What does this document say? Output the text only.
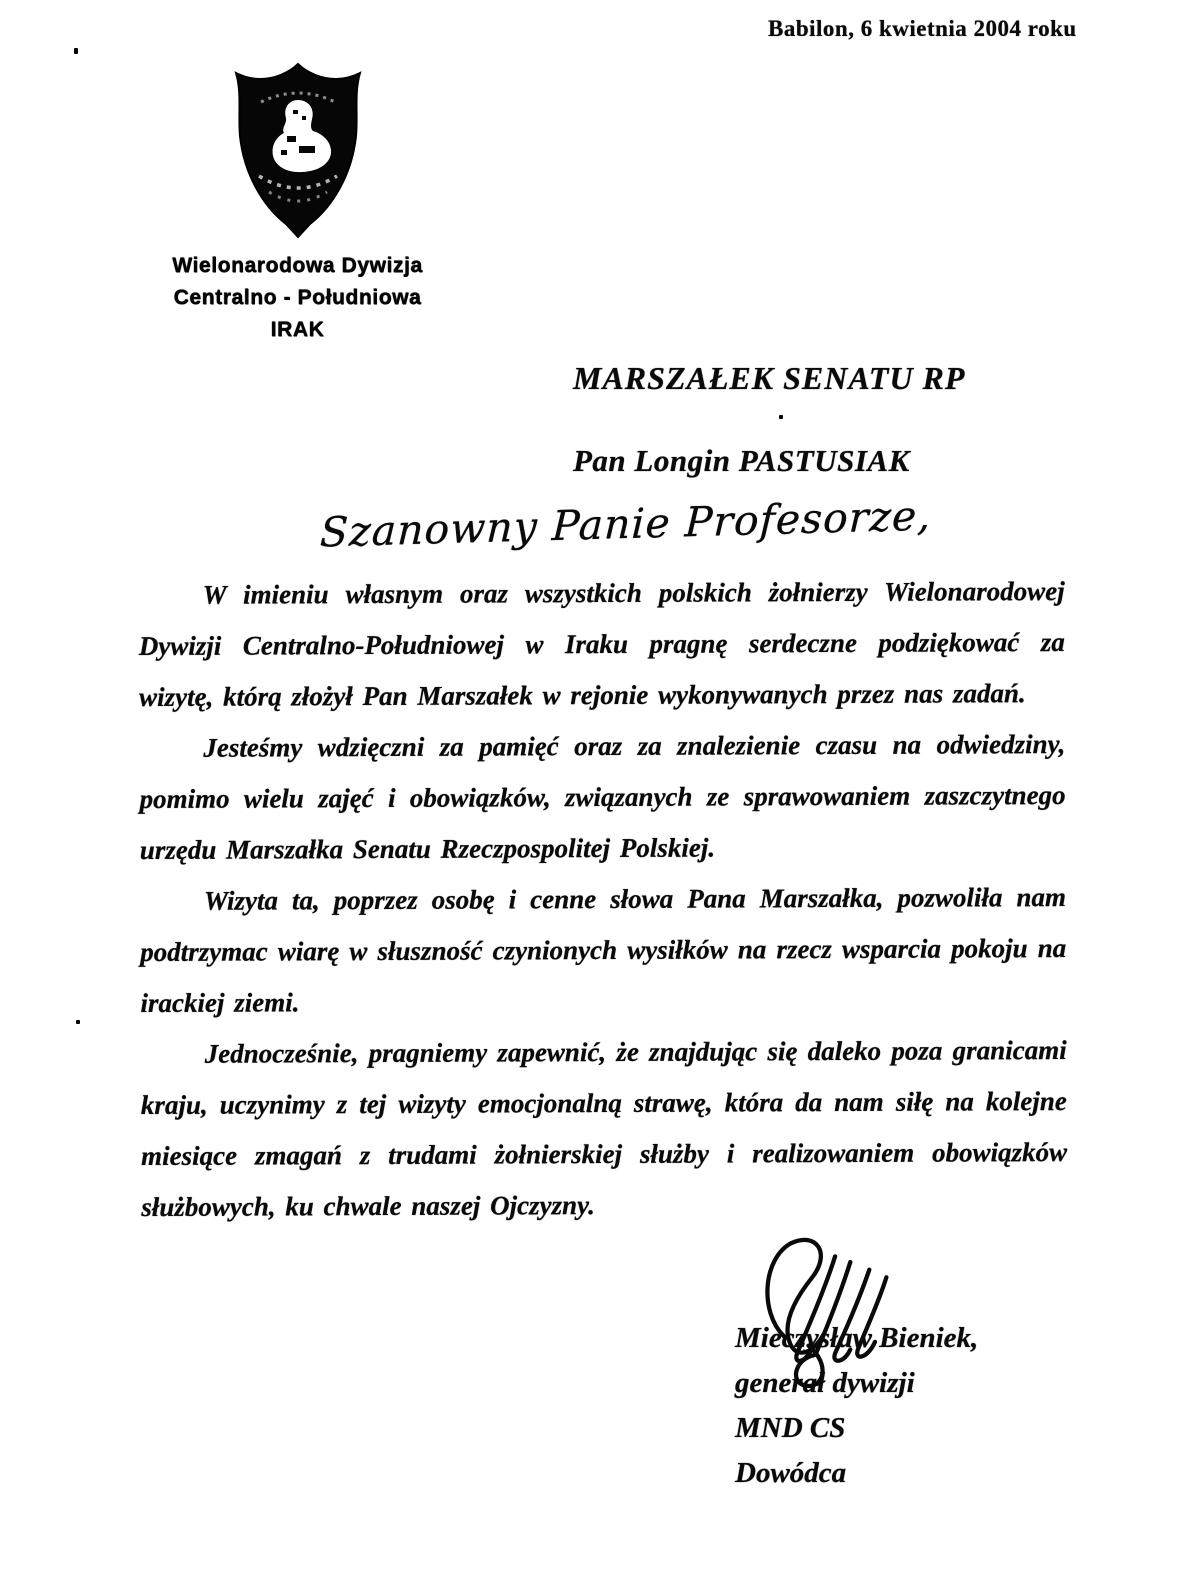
Babilon, 6 kwietnia 2004 roku
Wielonarodowa Dywizja
Centralno - Południowa
IRAK
MARSZAŁEK SENATU RP
Pan Longin PASTUSIAK
Szanowny Panie Profesorze,

W imieniu własnym oraz wszystkich polskich żołnierzy Wielonarodowej Dywizji Centralno-Południowej w Iraku pragnę serdeczne podziękować za wizytę, którą złożył Pan Marszałek w rejonie wykonywanych przez nas zadań.

Jesteśmy wdzięczni za pamięć oraz za znalezienie czasu na odwiedziny, pomimo wielu zajęć i obowiązków, związanych ze sprawowaniem zaszczytnego urzędu Marszałka Senatu Rzeczpospolitej Polskiej.

Wizyta ta, poprzez osobę i cenne słowa Pana Marszałka, pozwoliła nam podtrzymac wiarę w słuszność czynionych wysiłków na rzecz wsparcia pokoju na irackiej ziemi.

Jednocześnie, pragniemy zapewnić, że znajdując się daleko poza granicami kraju, uczynimy z tej wizyty emocjonalną strawę, która da nam siłę na kolejne miesiące zmagań z trudami żołnierskiej służby i realizowaniem obowiązków służbowych, ku chwale naszej Ojczyzny.

Mieczysław Bieniek,
generał dywizji
MND CS
Dowódca
